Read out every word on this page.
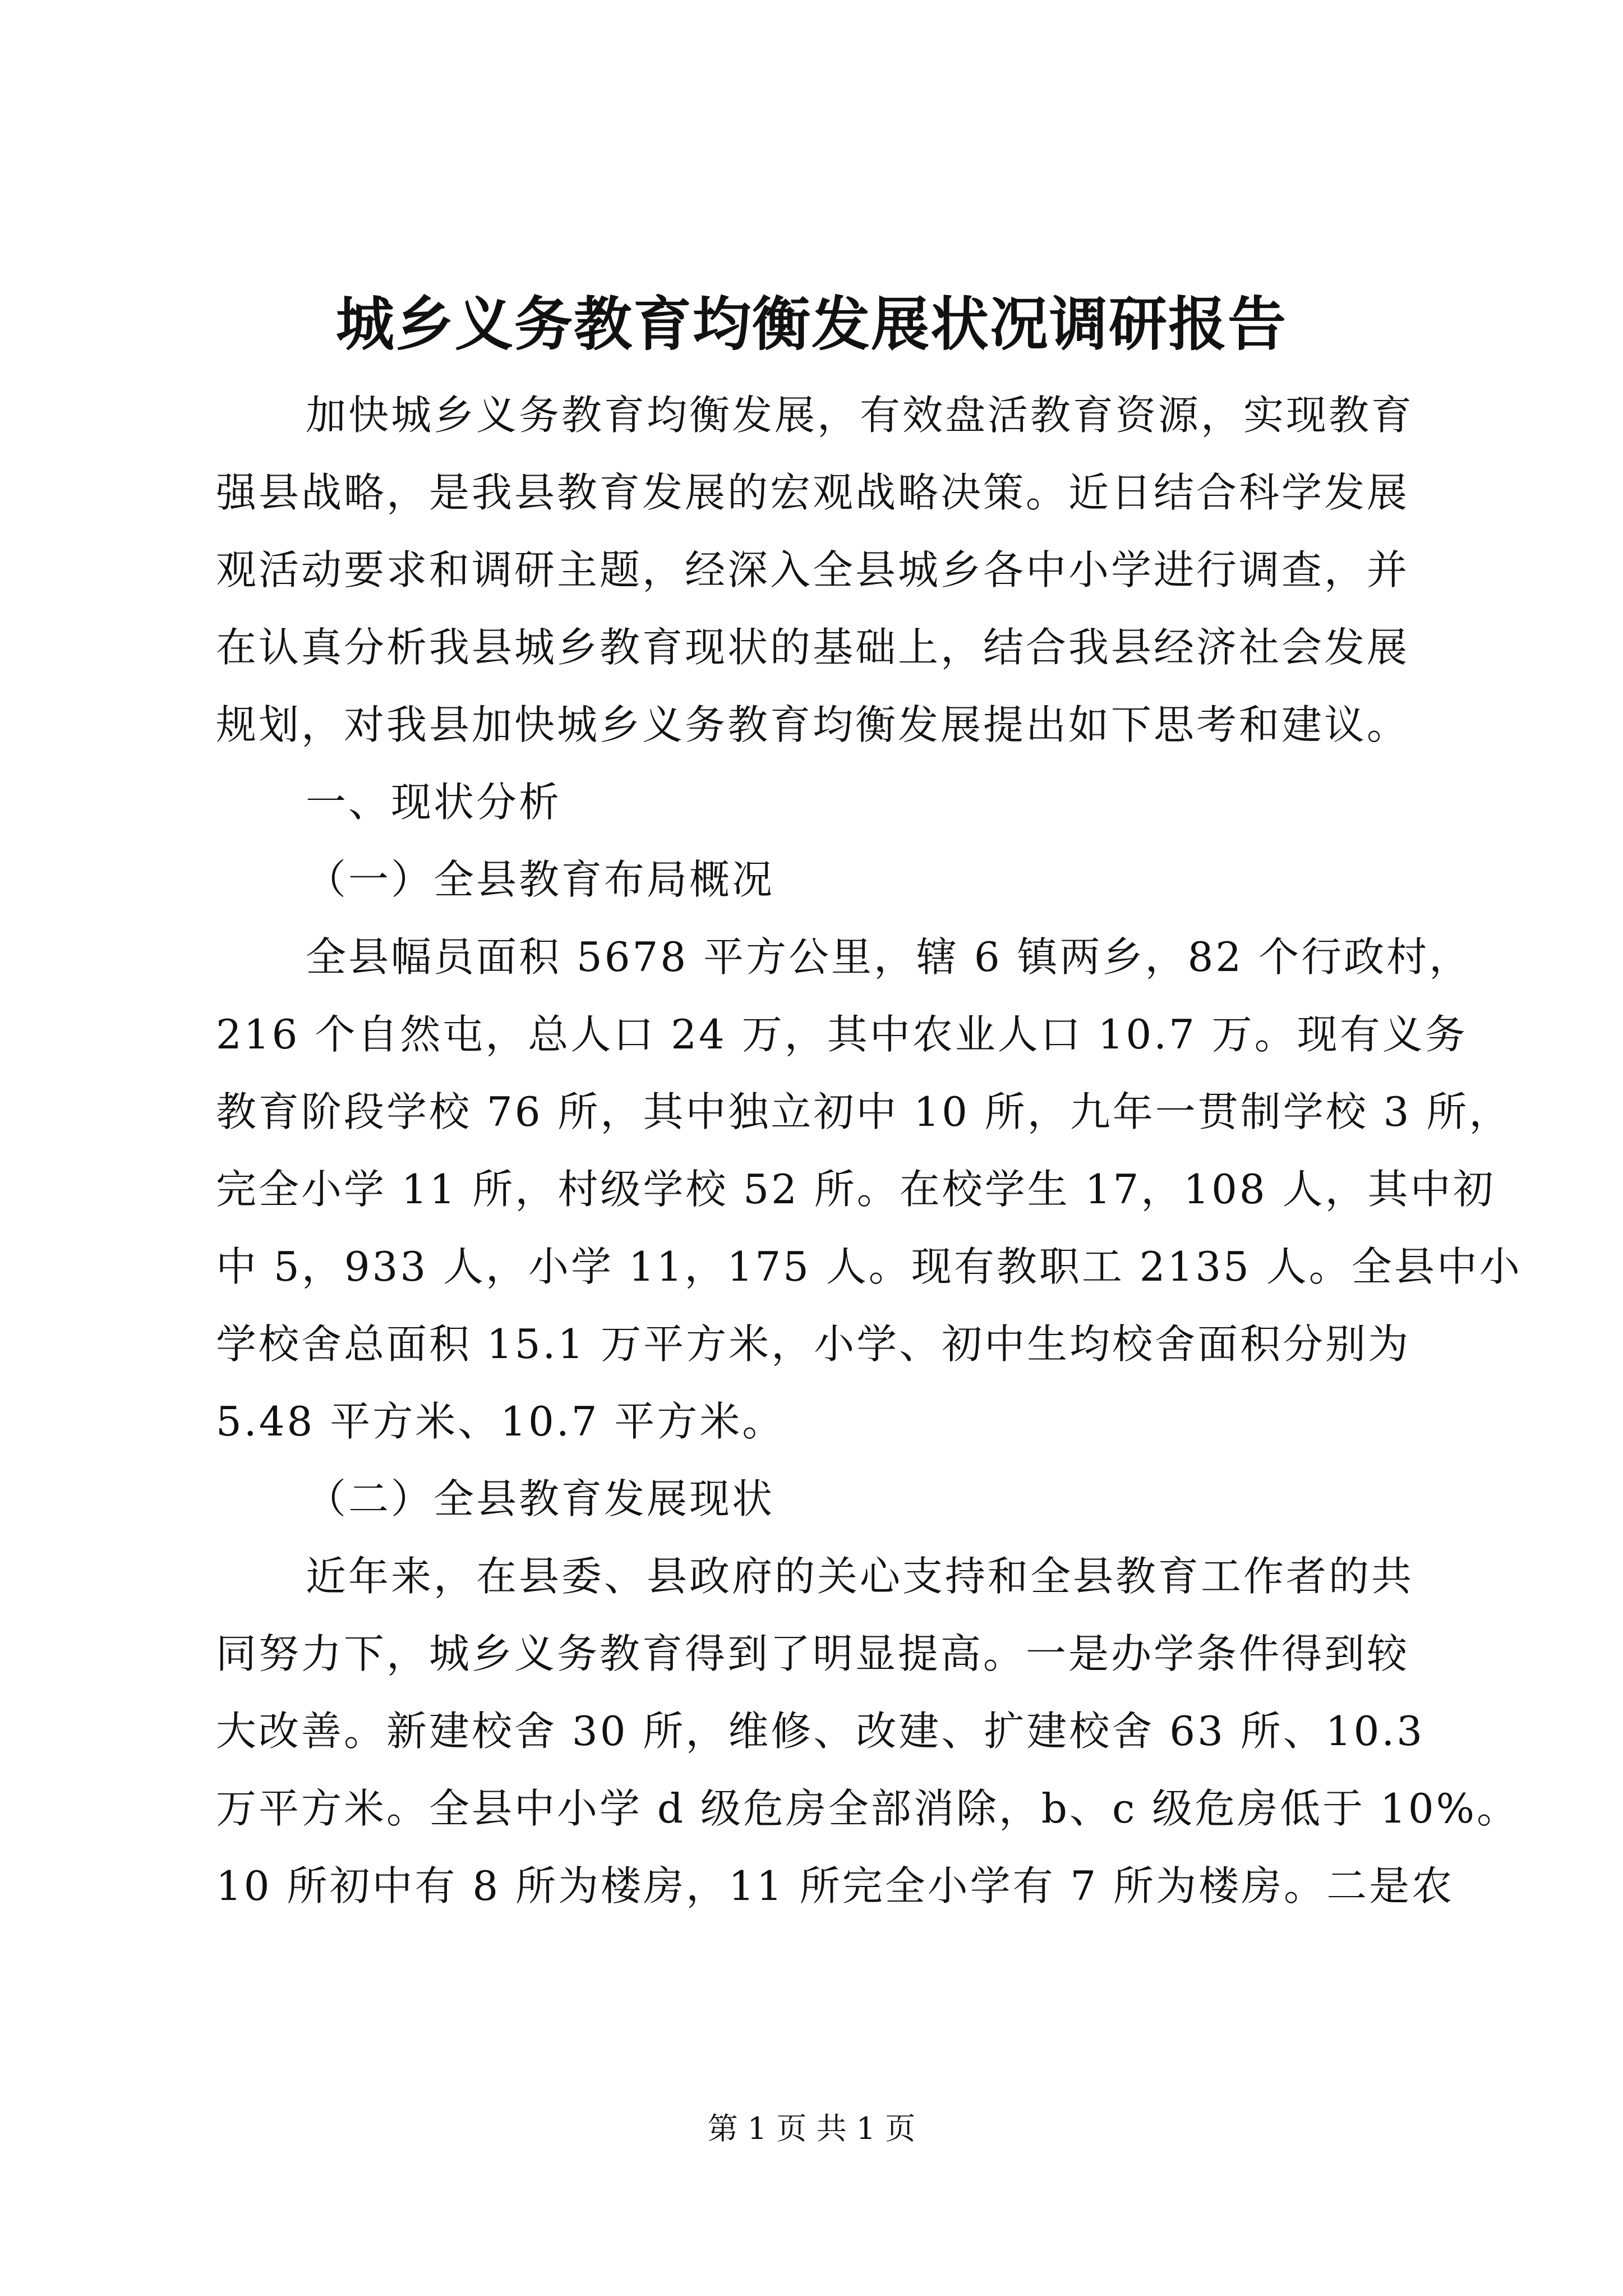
城乡义务教育均衡发展状况调研报告
加快城乡义务教育均衡发展，有效盘活教育资源，实现教育
强县战略，是我县教育发展的宏观战略决策。近日结合科学发展
观活动要求和调研主题，经深入全县城乡各中小学进行调查，并
在认真分析我县城乡教育现状的基础上，结合我县经济社会发展
规划，对我县加快城乡义务教育均衡发展提出如下思考和建议。
一、现状分析
（一）全县教育布局概况
全县幅员面积 5678 平方公里，辖 6 镇两乡，82 个行政村，
216 个自然屯，总人口 24 万，其中农业人口 10.7 万。现有义务
教育阶段学校 76 所，其中独立初中 10 所，九年一贯制学校 3 所，
完全小学 11 所，村级学校 52 所。在校学生 17，108 人，其中初
中 5，933 人，小学 11，175 人。现有教职工 2135 人。全县中小
学校舍总面积 15.1 万平方米，小学、初中生均校舍面积分别为
5.48 平方米、10.7 平方米。
（二）全县教育发展现状
近年来，在县委、县政府的关心支持和全县教育工作者的共
同努力下，城乡义务教育得到了明显提高。一是办学条件得到较
大改善。新建校舍 30 所，维修、改建、扩建校舍 63 所、10.3
万平方米。全县中小学 d 级危房全部消除，b、c 级危房低于 10%。
10 所初中有 8 所为楼房，11 所完全小学有 7 所为楼房。二是农
第 1 页 共 1 页
